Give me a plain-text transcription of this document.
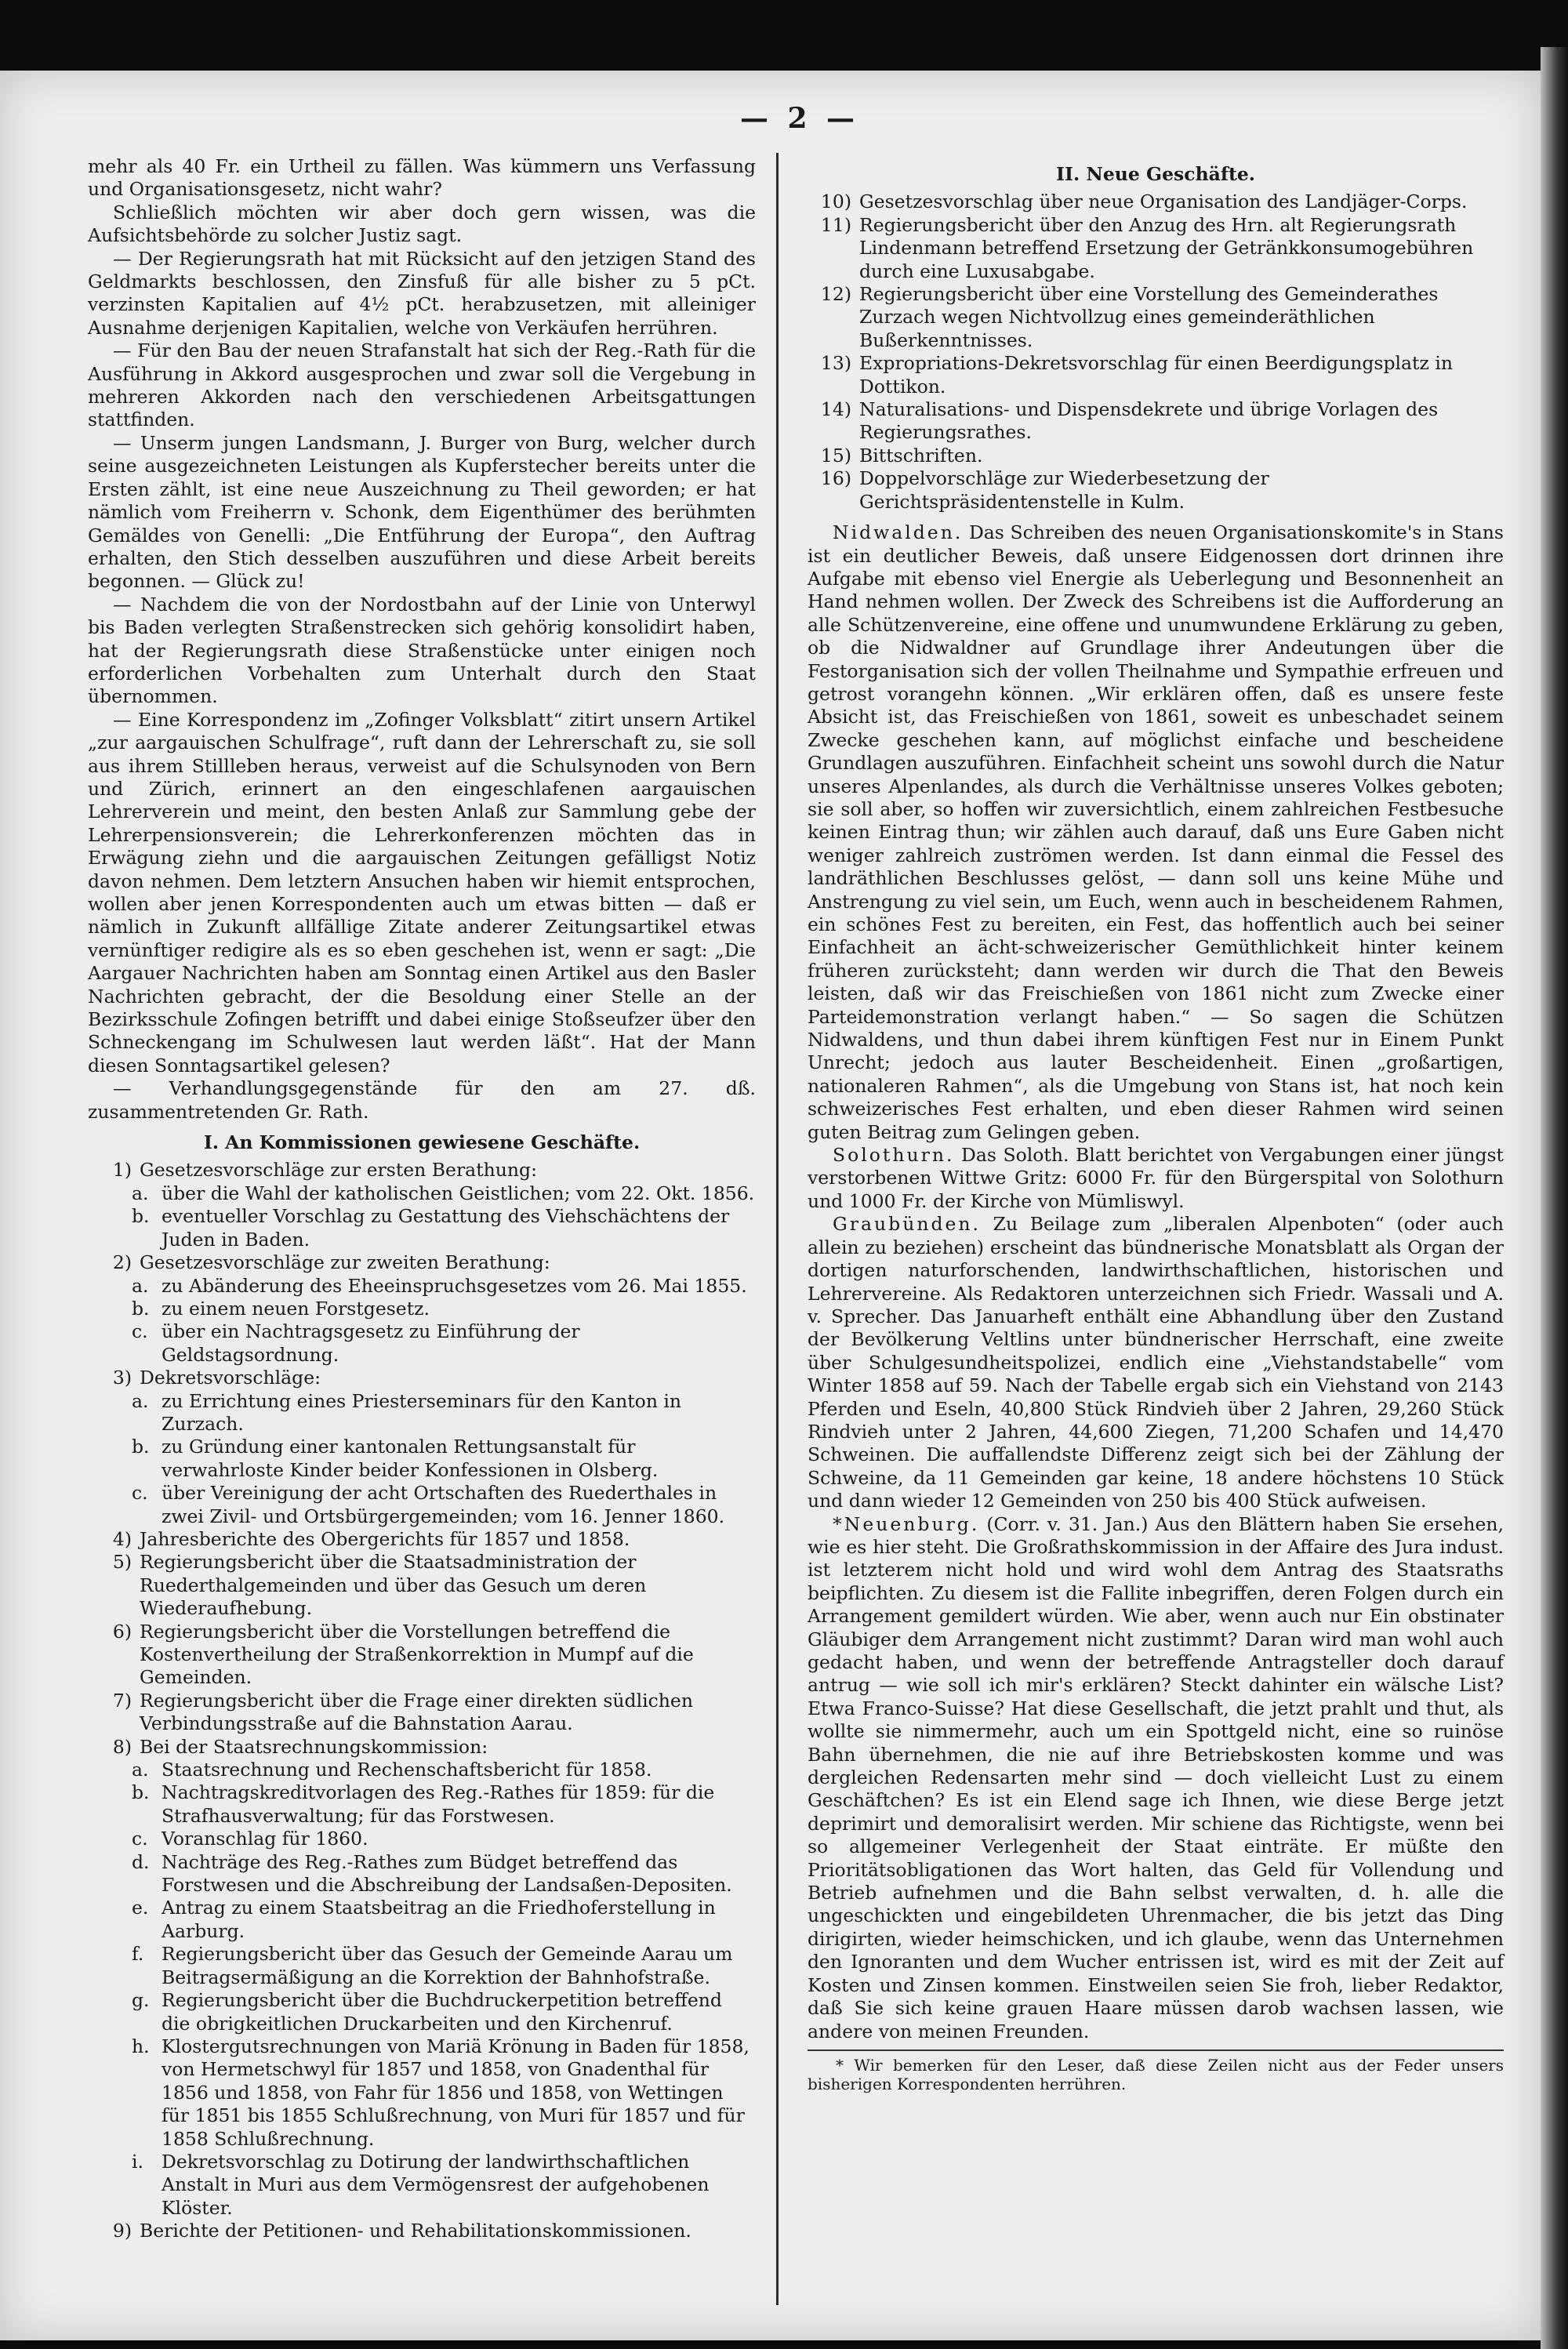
— 2 —

mehr als 40 Fr. ein Urtheil zu fällen. Was kümmern uns Verfassung und Organisationsgesetz, nicht wahr?

Schließlich möchten wir aber doch gern wissen, was die Aufsichtsbehörde zu solcher Justiz sagt.

— Der Regierungsrath hat mit Rücksicht auf den jetzigen Stand des Geldmarkts beschlossen, den Zinsfuß für alle bisher zu 5 pCt. verzinsten Kapitalien auf 4½ pCt. herabzusetzen, mit alleiniger Ausnahme derjenigen Kapitalien, welche von Verkäufen herrühren.

— Für den Bau der neuen Strafanstalt hat sich der Reg.-Rath für die Ausführung in Akkord ausgesprochen und zwar soll die Vergebung in mehreren Akkorden nach den verschiedenen Arbeitsgattungen stattfinden.

— Unserm jungen Landsmann, J. Burger von Burg, welcher durch seine ausgezeichneten Leistungen als Kupferstecher bereits unter die Ersten zählt, ist eine neue Auszeichnung zu Theil geworden; er hat nämlich vom Freiherrn v. Schonk, dem Eigenthümer des berühmten Gemäldes von Genelli: „Die Entführung der Europa“, den Auftrag erhalten, den Stich desselben auszuführen und diese Arbeit bereits begonnen. — Glück zu!

— Nachdem die von der Nordostbahn auf der Linie von Unterwyl bis Baden verlegten Straßenstrecken sich gehörig konsolidirt haben, hat der Regierungsrath diese Straßenstücke unter einigen noch erforderlichen Vorbehalten zum Unterhalt durch den Staat übernommen.

— Eine Korrespondenz im „Zofinger Volksblatt“ zitirt unsern Artikel „zur aargauischen Schulfrage“, ruft dann der Lehrerschaft zu, sie soll aus ihrem Stillleben heraus, verweist auf die Schulsynoden von Bern und Zürich, erinnert an den eingeschlafenen aargauischen Lehrerverein und meint, den besten Anlaß zur Sammlung gebe der Lehrerpensionsverein; die Lehrerkonferenzen möchten das in Erwägung ziehn und die aargauischen Zeitungen gefälligst Notiz davon nehmen. Dem letztern Ansuchen haben wir hiemit entsprochen, wollen aber jenen Korrespondenten auch um etwas bitten — daß er nämlich in Zukunft allfällige Zitate anderer Zeitungsartikel etwas vernünftiger redigire als es so eben geschehen ist, wenn er sagt: „Die Aargauer Nachrichten haben am Sonntag einen Artikel aus den Basler Nachrichten gebracht, der die Besoldung einer Stelle an der Bezirksschule Zofingen betrifft und dabei einige Stoßseufzer über den Schneckengang im Schulwesen laut werden läßt“. Hat der Mann diesen Sonntagsartikel gelesen?

— Verhandlungsgegenstände für den am 27. dß. zusammentretenden Gr. Rath.

I. An Kommissionen gewiesene Geschäfte.
1) Gesetzesvorschläge zur ersten Berathung:
a. über die Wahl der katholischen Geistlichen; vom 22. Okt. 1856.
b. eventueller Vorschlag zu Gestattung des Viehschächtens der Juden in Baden.
2) Gesetzesvorschläge zur zweiten Berathung:
a. zu Abänderung des Eheeinspruchsgesetzes vom 26. Mai 1855.
b. zu einem neuen Forstgesetz.
c. über ein Nachtragsgesetz zu Einführung der Geldstagsordnung.
3) Dekretsvorschläge:
a. zu Errichtung eines Priesterseminars für den Kanton in Zurzach.
b. zu Gründung einer kantonalen Rettungsanstalt für verwahrloste Kinder beider Konfessionen in Olsberg.
c. über Vereinigung der acht Ortschaften des Ruederthales in zwei Zivil- und Ortsbürgergemeinden; vom 16. Jenner 1860.
4) Jahresberichte des Obergerichts für 1857 und 1858.
5) Regierungsbericht über die Staatsadministration der Ruederthalgemeinden und über das Gesuch um deren Wiederaufhebung.
6) Regierungsbericht über die Vorstellungen betreffend die Kostenvertheilung der Straßenkorrektion in Mumpf auf die Gemeinden.
7) Regierungsbericht über die Frage einer direkten südlichen Verbindungsstraße auf die Bahnstation Aarau.
8) Bei der Staatsrechnungskommission:
a. Staatsrechnung und Rechenschaftsbericht für 1858.
b. Nachtragskreditvorlagen des Reg.-Rathes für 1859: für die Strafhausverwaltung; für das Forstwesen.
c. Voranschlag für 1860.
d. Nachträge des Reg.-Rathes zum Büdget betreffend das Forstwesen und die Abschreibung der Landsaßen-Depositen.
e. Antrag zu einem Staatsbeitrag an die Friedhoferstellung in Aarburg.
f. Regierungsbericht über das Gesuch der Gemeinde Aarau um Beitragsermäßigung an die Korrektion der Bahnhofstraße.
g. Regierungsbericht über die Buchdruckerpetition betreffend die obrigkeitlichen Druckarbeiten und den Kirchenruf.
h. Klostergutsrechnungen von Mariä Krönung in Baden für 1858, von Hermetschwyl für 1857 und 1858, von Gnadenthal für 1856 und 1858, von Fahr für 1856 und 1858, von Wettingen für 1851 bis 1855 Schlußrechnung, von Muri für 1857 und für 1858 Schlußrechnung.
i. Dekretsvorschlag zu Dotirung der landwirthschaftlichen Anstalt in Muri aus dem Vermögensrest der aufgehobenen Klöster.
9) Berichte der Petitionen- und Rehabilitationskommissionen.
II. Neue Geschäfte.
10) Gesetzesvorschlag über neue Organisation des Landjäger-Corps.
11) Regierungsbericht über den Anzug des Hrn. alt Regierungsrath Lindenmann betreffend Ersetzung der Getränkkonsumogebühren durch eine Luxusabgabe.
12) Regierungsbericht über eine Vorstellung des Gemeinderathes Zurzach wegen Nichtvollzug eines gemeinderäthlichen Bußerkenntnisses.
13) Expropriations-Dekretsvorschlag für einen Beerdigungsplatz in Dottikon.
14) Naturalisations- und Dispensdekrete und übrige Vorlagen des Regierungsrathes.
15) Bittschriften.
16) Doppelvorschläge zur Wiederbesetzung der Gerichtspräsidentenstelle in Kulm.

Nidwalden. Das Schreiben des neuen Organisationskomite's in Stans ist ein deutlicher Beweis, daß unsere Eidgenossen dort drinnen ihre Aufgabe mit ebenso viel Energie als Ueberlegung und Besonnenheit an Hand nehmen wollen. Der Zweck des Schreibens ist die Aufforderung an alle Schützenvereine, eine offene und unumwundene Erklärung zu geben, ob die Nidwaldner auf Grundlage ihrer Andeutungen über die Festorganisation sich der vollen Theilnahme und Sympathie erfreuen und getrost vorangehn können. „Wir erklären offen, daß es unsere feste Absicht ist, das Freischießen von 1861, soweit es unbeschadet seinem Zwecke geschehen kann, auf möglichst einfache und bescheidene Grundlagen auszuführen. Einfachheit scheint uns sowohl durch die Natur unseres Alpenlandes, als durch die Verhältnisse unseres Volkes geboten; sie soll aber, so hoffen wir zuversichtlich, einem zahlreichen Festbesuche keinen Eintrag thun; wir zählen auch darauf, daß uns Eure Gaben nicht weniger zahlreich zuströmen werden. Ist dann einmal die Fessel des landräthlichen Beschlusses gelöst, — dann soll uns keine Mühe und Anstrengung zu viel sein, um Euch, wenn auch in bescheidenem Rahmen, ein schönes Fest zu bereiten, ein Fest, das hoffentlich auch bei seiner Einfachheit an ächt-schweizerischer Gemüthlichkeit hinter keinem früheren zurücksteht; dann werden wir durch die That den Beweis leisten, daß wir das Freischießen von 1861 nicht zum Zwecke einer Parteidemonstration verlangt haben.“ — So sagen die Schützen Nidwaldens, und thun dabei ihrem künftigen Fest nur in Einem Punkt Unrecht; jedoch aus lauter Bescheidenheit. Einen „großartigen, nationaleren Rahmen“, als die Umgebung von Stans ist, hat noch kein schweizerisches Fest erhalten, und eben dieser Rahmen wird seinen guten Beitrag zum Gelingen geben.

Solothurn. Das Soloth. Blatt berichtet von Vergabungen einer jüngst verstorbenen Wittwe Gritz: 6000 Fr. für den Bürgerspital von Solothurn und 1000 Fr. der Kirche von Mümliswyl.

Graubünden. Zu Beilage zum „liberalen Alpenboten“ (oder auch allein zu beziehen) erscheint das bündnerische Monatsblatt als Organ der dortigen naturforschenden, landwirthschaftlichen, historischen und Lehrervereine. Als Redaktoren unterzeichnen sich Friedr. Wassali und A. v. Sprecher. Das Januarheft enthält eine Abhandlung über den Zustand der Bevölkerung Veltlins unter bündnerischer Herrschaft, eine zweite über Schulgesundheitspolizei, endlich eine „Viehstandstabelle“ vom Winter 1858 auf 59. Nach der Tabelle ergab sich ein Viehstand von 2143 Pferden und Eseln, 40,800 Stück Rindvieh über 2 Jahren, 29,260 Stück Rindvieh unter 2 Jahren, 44,600 Ziegen, 71,200 Schafen und 14,470 Schweinen. Die auffallendste Differenz zeigt sich bei der Zählung der Schweine, da 11 Gemeinden gar keine, 18 andere höchstens 10 Stück und dann wieder 12 Gemeinden von 250 bis 400 Stück aufweisen.

*Neuenburg. (Corr. v. 31. Jan.) Aus den Blättern haben Sie ersehen, wie es hier steht. Die Großrathskommission in der Affaire des Jura indust. ist letzterem nicht hold und wird wohl dem Antrag des Staatsraths beipflichten. Zu diesem ist die Fallite inbegriffen, deren Folgen durch ein Arrangement gemildert würden. Wie aber, wenn auch nur Ein obstinater Gläubiger dem Arrangement nicht zustimmt? Daran wird man wohl auch gedacht haben, und wenn der betreffende Antragsteller doch darauf antrug — wie soll ich mir's erklären? Steckt dahinter ein wälsche List? Etwa Franco-Suisse? Hat diese Gesellschaft, die jetzt prahlt und thut, als wollte sie nimmermehr, auch um ein Spottgeld nicht, eine so ruinöse Bahn übernehmen, die nie auf ihre Betriebskosten komme und was dergleichen Redensarten mehr sind — doch vielleicht Lust zu einem Geschäftchen? Es ist ein Elend sage ich Ihnen, wie diese Berge jetzt deprimirt und demoralisirt werden. Mir schiene das Richtigste, wenn bei so allgemeiner Verlegenheit der Staat einträte. Er müßte den Prioritätsobligationen das Wort halten, das Geld für Vollendung und Betrieb aufnehmen und die Bahn selbst verwalten, d. h. alle die ungeschickten und eingebildeten Uhrenmacher, die bis jetzt das Ding dirigirten, wieder heimschicken, und ich glaube, wenn das Unternehmen den Ignoranten und dem Wucher entrissen ist, wird es mit der Zeit auf Kosten und Zinsen kommen. Einstweilen seien Sie froh, lieber Redaktor, daß Sie sich keine grauen Haare müssen darob wachsen lassen, wie andere von meinen Freunden.

* Wir bemerken für den Leser, daß diese Zeilen nicht aus der Feder unsers bisherigen Korrespondenten herrühren.
